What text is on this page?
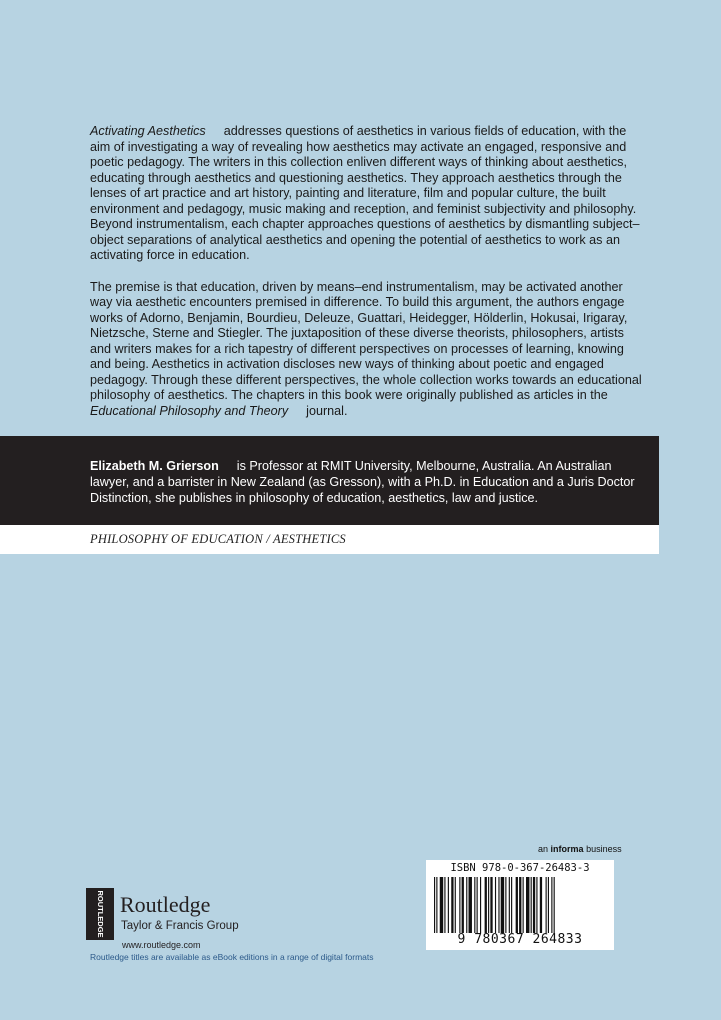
Activating Aesthetics addresses questions of aesthetics in various fields of education, with the aim of investigating a way of revealing how aesthetics may activate an engaged, responsive and poetic pedagogy. The writers in this collection enliven different ways of thinking about aesthetics, educating through aesthetics and questioning aesthetics. They approach aesthetics through the lenses of art practice and art history, painting and literature, film and popular culture, the built environment and pedagogy, music making and reception, and feminist subjectivity and philosophy. Beyond instrumentalism, each chapter approaches questions of aesthetics by dismantling subject–object separations of analytical aesthetics and opening the potential of aesthetics to work as an activating force in education.

The premise is that education, driven by means–end instrumentalism, may be activated another way via aesthetic encounters premised in difference. To build this argument, the authors engage works of Adorno, Benjamin, Bourdieu, Deleuze, Guattari, Heidegger, Hölderlin, Hokusai, Irigaray, Nietzsche, Sterne and Stiegler. The juxtaposition of these diverse theorists, philosophers, artists and writers makes for a rich tapestry of different perspectives on processes of learning, knowing and being. Aesthetics in activation discloses new ways of thinking about poetic and engaged pedagogy. Through these different perspectives, the whole collection works towards an educational philosophy of aesthetics. The chapters in this book were originally published as articles in theEducational Philosophy and Theory journal.

Elizabeth M. Grierson is Professor at RMIT University, Melbourne, Australia. An Australian lawyer, and a barrister in New Zealand (as Gresson), with a Ph.D. in Education and a Juris Doctor Distinction, she publishes in philosophy of education, aesthetics, law and justice.
PHILOSOPHY OF EDUCATION / AESTHETICS
an informa business
ISBN 978-0-367-26483-3
9 780367 264833
ROUTLEDGE Routledge
Taylor & Francis Group
www.routledge.com
Routledge titles are available as eBook editions in a range of digital formats
